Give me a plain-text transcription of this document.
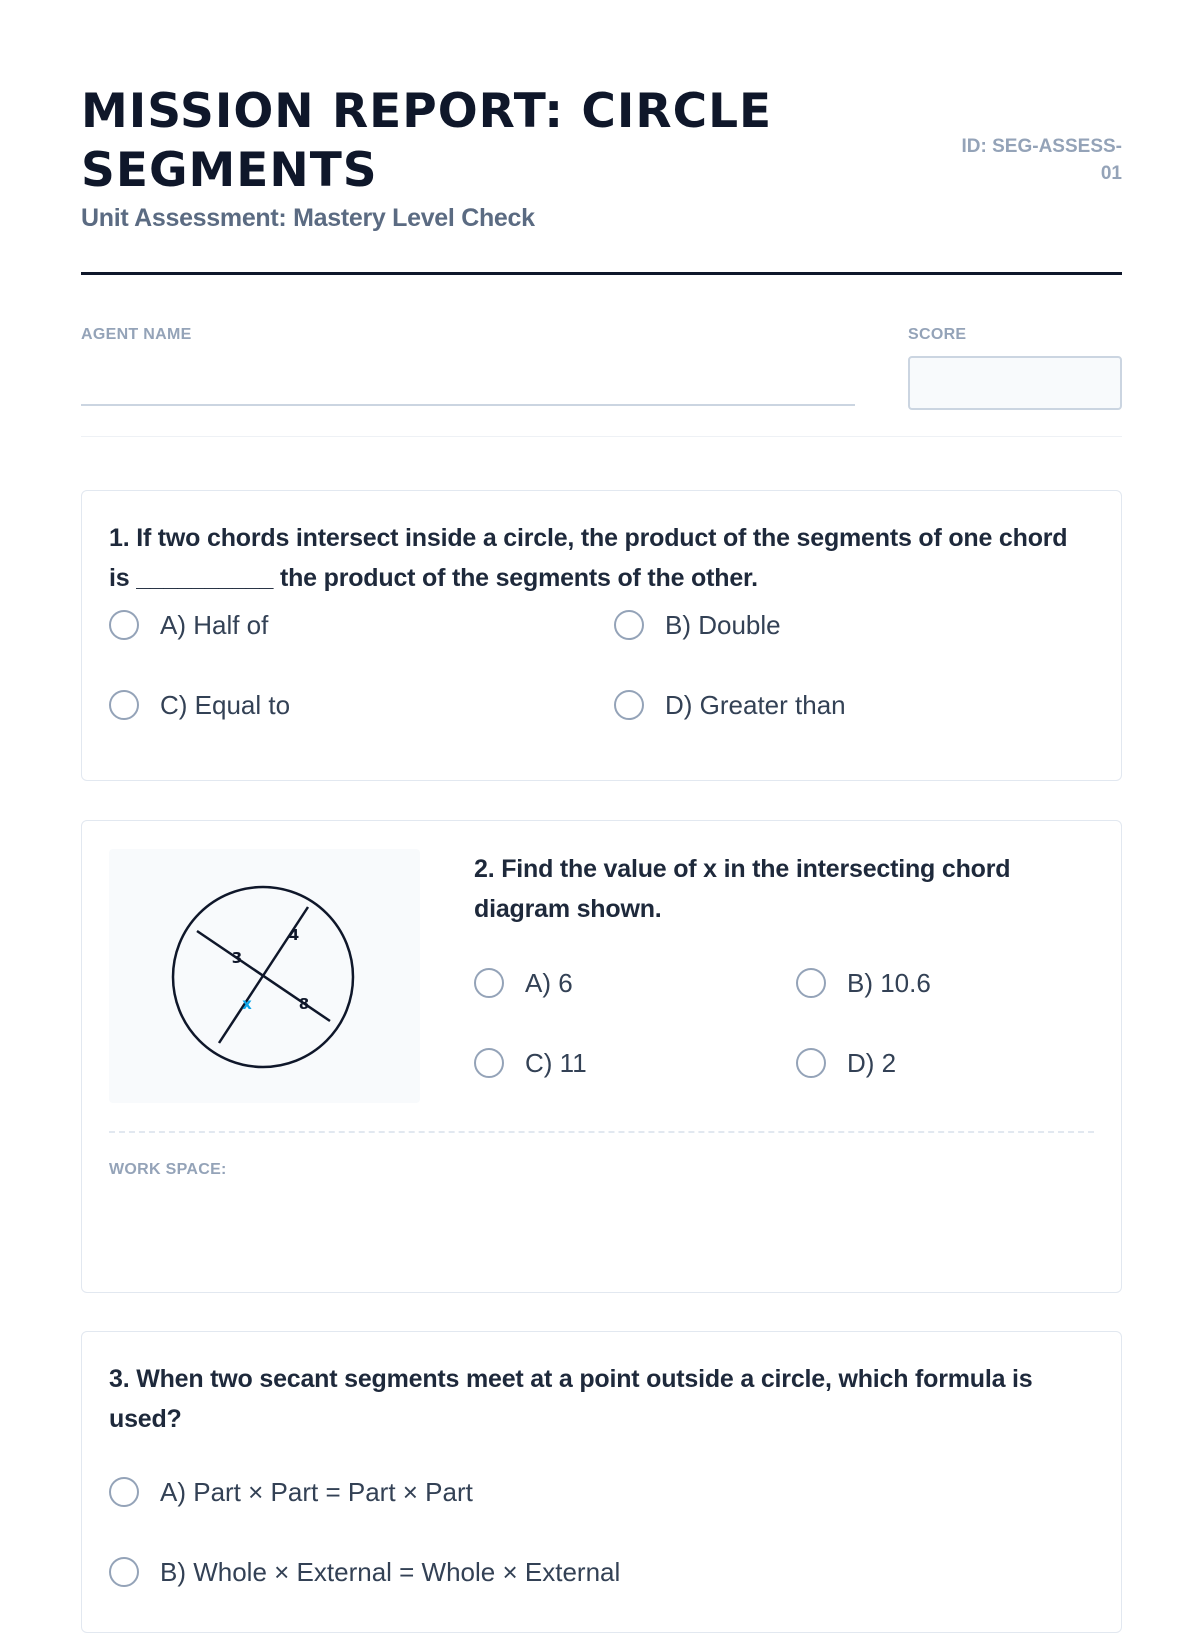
MISSION REPORT: CIRCLE SEGMENTS
Unit Assessment: Mastery Level Check
ID: SEG-ASSESS-01
AGENT NAME	SCORE
1. If two chords intersect inside a circle, the product of the segments of one chord is __________ the product of the segments of the other.
A) Half of	B) Double
C) Equal to	D) Greater than
3
4
x	8
2. Find the value of x in the intersecting chord diagram shown.
A) 6	B) 10.6
C) 11	D) 2
WORK SPACE:
3. When two secant segments meet at a point outside a circle, which formula is used?
A) Part × Part = Part × Part
B) Whole × External = Whole × External
